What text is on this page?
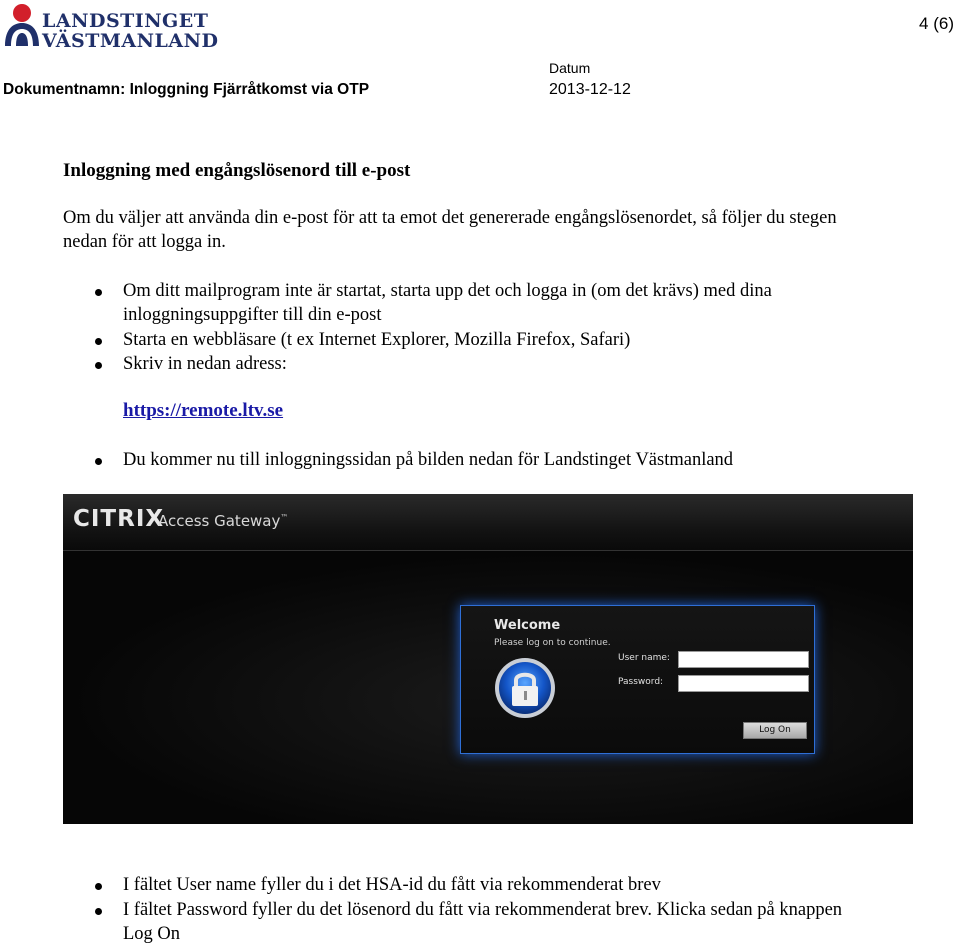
LANDSTINGET
VÄSTMANLAND
4 (6)
Datum
Dokumentnamn: Inloggning Fjärråtkomst via OTP	2013-12-12
Inloggning med engångslösenord till e-post
Om du väljer att använda din e-post för att ta emot det genererade engångslösenordet, så följer du stegen nedan för att logga in.
Om ditt mailprogram inte är startat, starta upp det och logga in (om det krävs) med dina inloggningsuppgifter till din e-post
Starta en webbläsare (t ex Internet Explorer, Mozilla Firefox, Safari)
Skriv in nedan adress:
https://remote.ltv.se
Du kommer nu till inloggningssidan på bilden nedan för Landstinget Västmanland
CITRIX
Access Gateway™
Welcome
Please log on to continue.
User name:
Password:
Log On
I fältet User name fyller du i det HSA-id du fått via rekommenderat brev
I fältet Password fyller du det lösenord du fått via rekommenderat brev. Klicka sedan på knappen Log On
